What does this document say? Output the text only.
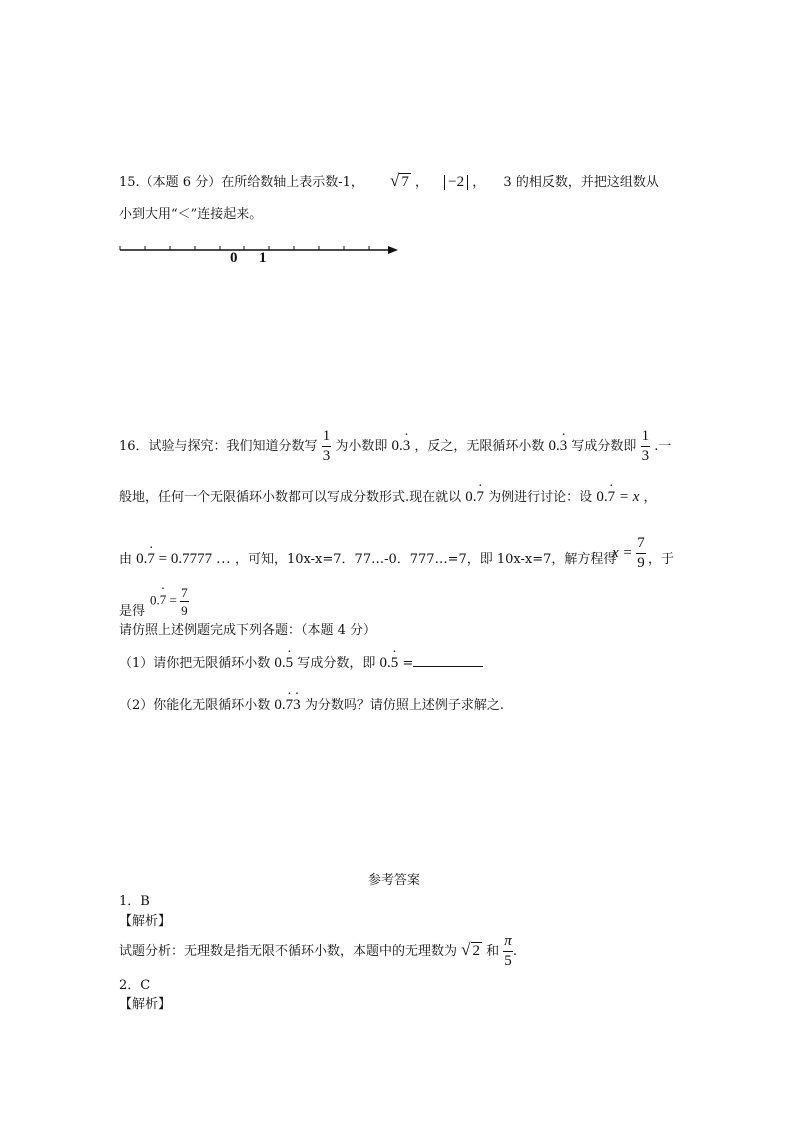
15.（本题 6 分）在所给数轴上表示数-1， √ 7 ， −2 ， 3 的相反数，并把这组数从
小到大用“＜”连接起来。
0 1
16．试验与探究：我们知道分数写 $\frac{1}{3}$ 为小数即 0.· 3 ，反之，无限循环小数 0.· 3 写成分数即 $\frac{1}{3}$ .一
般地，任何一个无限循环小数都可以写成分数形式.现在就以 0.· 7 为例进行讨论：设 0.· 7 = x ，
由 0.· 7 = 0.7777 … ，可知，10x-x=7．77…-0．777…=7，即 10x-x=7，解方程得
$x = \frac{7}{9}$ ，于
$0.\cdot 7 = \frac{7}{9}$
是得
请仿照上述例题完成下列各题：（本题 4 分）
（1）请你把无限循环小数 0.· 5 写成分数，即 0.· 5 =
（2）你能化无限循环小数 0.· 7· 3 为分数吗？请仿照上述例子求解之.
参考答案
1．B
【解析】
试题分析：无理数是指无限不循环小数，本题中的无理数为 √ 2 和 $\frac{\pi}{5}$ .
2．C
【解析】
